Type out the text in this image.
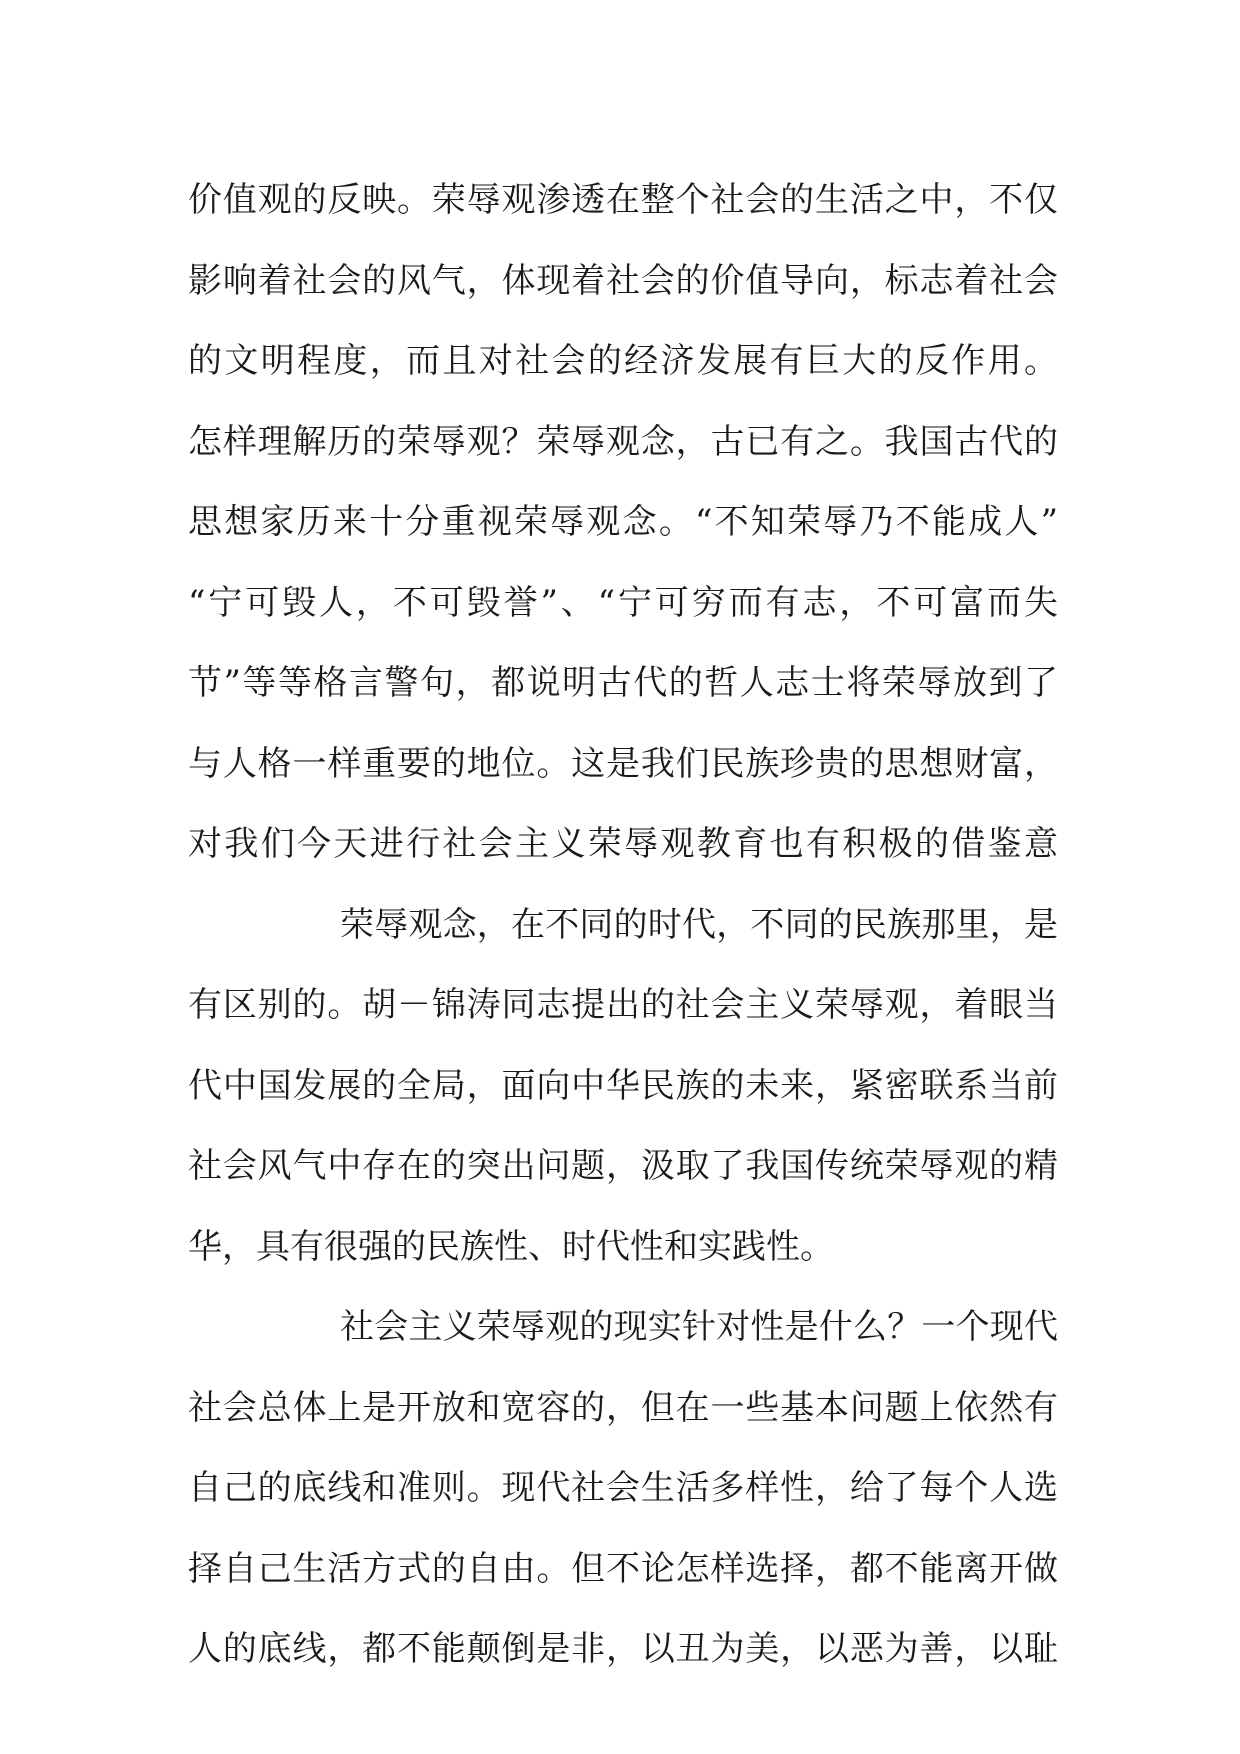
价值观的反映。荣辱观渗透在整个社会的生活之中，不仅
影响着社会的风气，体现着社会的价值导向，标志着社会
的文明程度，而且对社会的经济发展有巨大的反作用。
怎样理解历的荣辱观？荣辱观念，古已有之。我国古代的
思想家历来十分重视荣辱观念。“不知荣辱乃不能成人”
“宁可毁人，不可毁誉”、“宁可穷而有志，不可富而失
节”等等格言警句，都说明古代的哲人志士将荣辱放到了
与人格一样重要的地位。这是我们民族珍贵的思想财富，
对我们今天进行社会主义荣辱观教育也有积极的借鉴意
荣辱观念，在不同的时代，不同的民族那里，是
有区别的。胡－锦涛同志提出的社会主义荣辱观，着眼当
代中国发展的全局，面向中华民族的未来，紧密联系当前
社会风气中存在的突出问题，汲取了我国传统荣辱观的精
华，具有很强的民族性、时代性和实践性。
社会主义荣辱观的现实针对性是什么？一个现代
社会总体上是开放和宽容的，但在一些基本问题上依然有
自己的底线和准则。现代社会生活多样性，给了每个人选
择自己生活方式的自由。但不论怎样选择，都不能离开做
人的底线，都不能颠倒是非，以丑为美，以恶为善，以耻
